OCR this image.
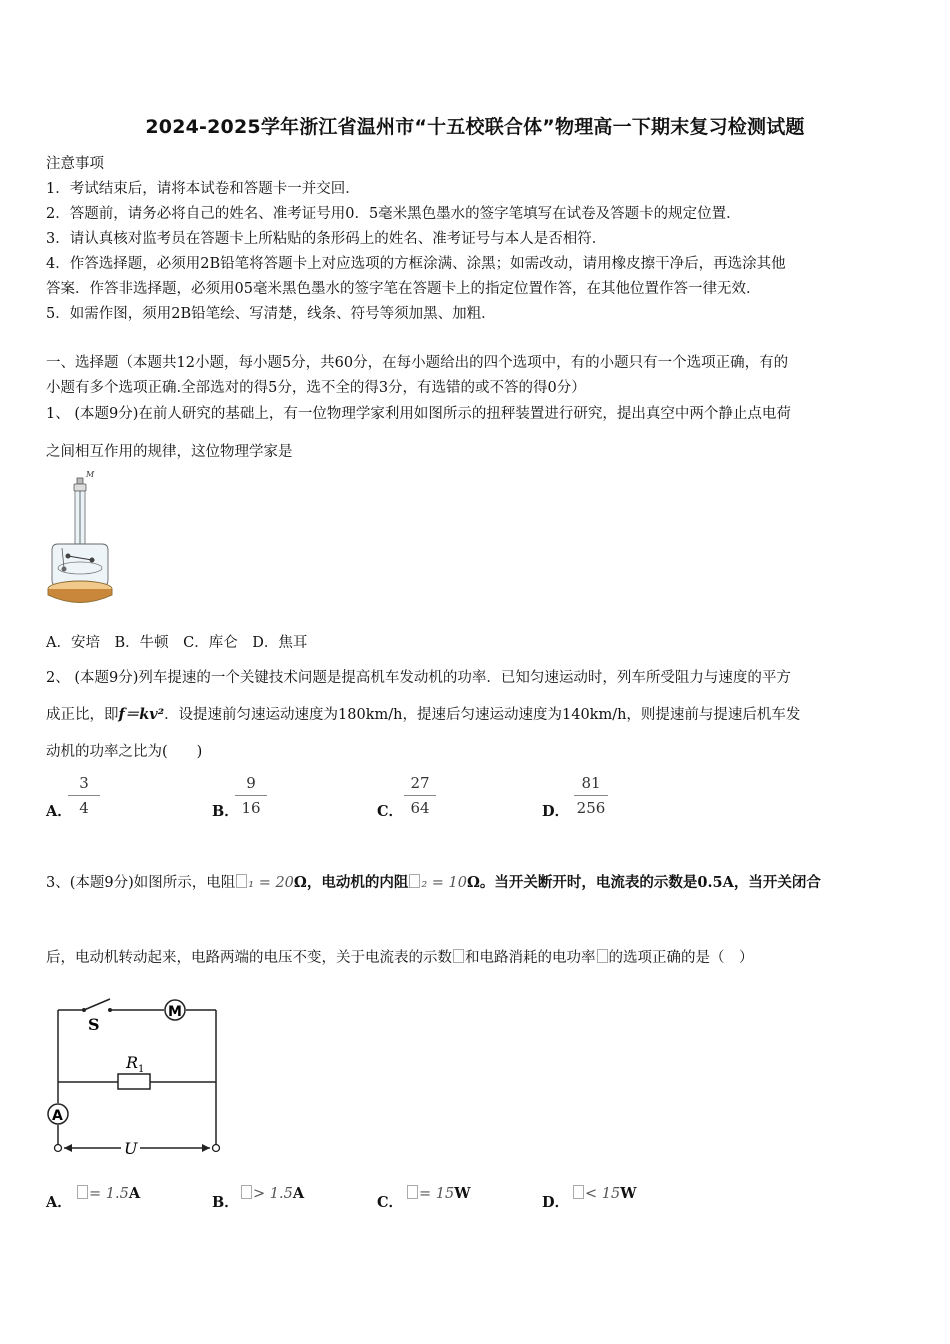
2024-2025学年浙江省温州市“十五校联合体”物理高一下期末复习检测试题
注意事项
1．考试结束后，请将本试卷和答题卡一并交回．
2．答题前，请务必将自己的姓名、准考证号用0．5毫米黑色墨水的签字笔填写在试卷及答题卡的规定位置．
3．请认真核对监考员在答题卡上所粘贴的条形码上的姓名、准考证号与本人是否相符．
4．作答选择题，必须用2B铅笔将答题卡上对应选项的方框涂满、涂黑；如需改动，请用橡皮擦干净后，再选涂其他
答案．作答非选择题，必须用05毫米黑色墨水的签字笔在答题卡上的指定位置作答，在其他位置作答一律无效．
5．如需作图，须用2B铅笔绘、写清楚，线条、符号等须加黑、加粗．
一、选择题（本题共12小题，每小题5分，共60分，在每小题给出的四个选项中，有的小题只有一个选项正确，有的
小题有多个选项正确.全部选对的得5分，选不全的得3分，有选错的或不答的得0分）
1、 (本题9分)在前人研究的基础上，有一位物理学家利用如图所示的扭秤装置进行研究，提出真空中两个静止点电荷
之间相互作用的规律，这位物理学家是
M
A．安培　B．牛顿　C．库仑　D．焦耳
2、 (本题9分)列车提速的一个关键技术问题是提高机车发动机的功率．已知匀速运动时，列车所受阻力与速度的平方
成正比，即f＝kv²．设提速前匀速运动速度为180km/h，提速后匀速运动速度为140km/h，则提速前与提速后机车发
动机的功率之比为(　　)
A．
3
4	B．
9
16	C．
27
64	D．
81
256
3、(本题9分)如图所示，电阻 ₁ = 20Ω，电动机的内阻 ₂ = 10Ω。当开关断开时，电流表的示数是0.5A，当开关闭合
后，电动机转动起来，电路两端的电压不变，关于电流表的示数 和电路消耗的电功率 的选项正确的是（　）
S
M
R 1
A
U
A．	= 1.5A
B． > 1.5A
C．	= 15W
D．	< 15W
